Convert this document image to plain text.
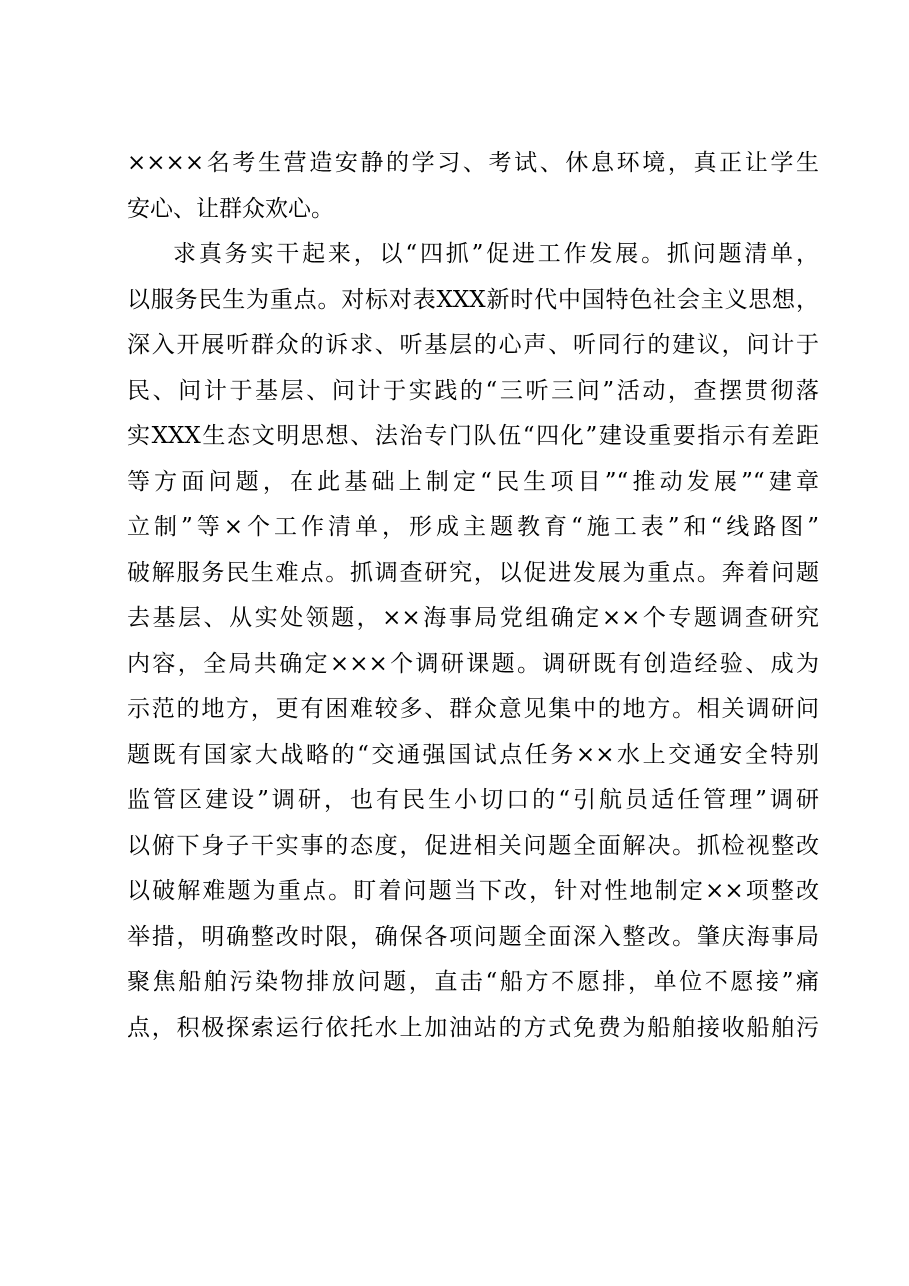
××××名考生营造安静的学习、考试、休息环境，真正让学生
安心、让群众欢心。
求真务实干起来，以“四抓”促进工作发展。抓问题清单，
以服务民生为重点。对标对表XXX新时代中国特色社会主义思想，
深入开展听群众的诉求、听基层的心声、听同行的建议，问计于
民、问计于基层、问计于实践的“三听三问”活动，查摆贯彻落
实XXX生态文明思想、法治专门队伍“四化”建设重要指示有差距
等方面问题，在此基础上制定“民生项目”“推动发展”“建章
立制”等×个工作清单，形成主题教育“施工表”和“线路图”
破解服务民生难点。抓调查研究，以促进发展为重点。奔着问题
去基层、从实处领题，××海事局党组确定××个专题调查研究
内容，全局共确定×××个调研课题。调研既有创造经验、成为
示范的地方，更有困难较多、群众意见集中的地方。相关调研问
题既有国家大战略的“交通强国试点任务××水上交通安全特别
监管区建设”调研，也有民生小切口的“引航员适任管理”调研
以俯下身子干实事的态度，促进相关问题全面解决。抓检视整改
以破解难题为重点。盯着问题当下改，针对性地制定××项整改
举措，明确整改时限，确保各项问题全面深入整改。肇庆海事局
聚焦船舶污染物排放问题，直击“船方不愿排，单位不愿接”痛
点，积极探索运行依托水上加油站的方式免费为船舶接收船舶污
